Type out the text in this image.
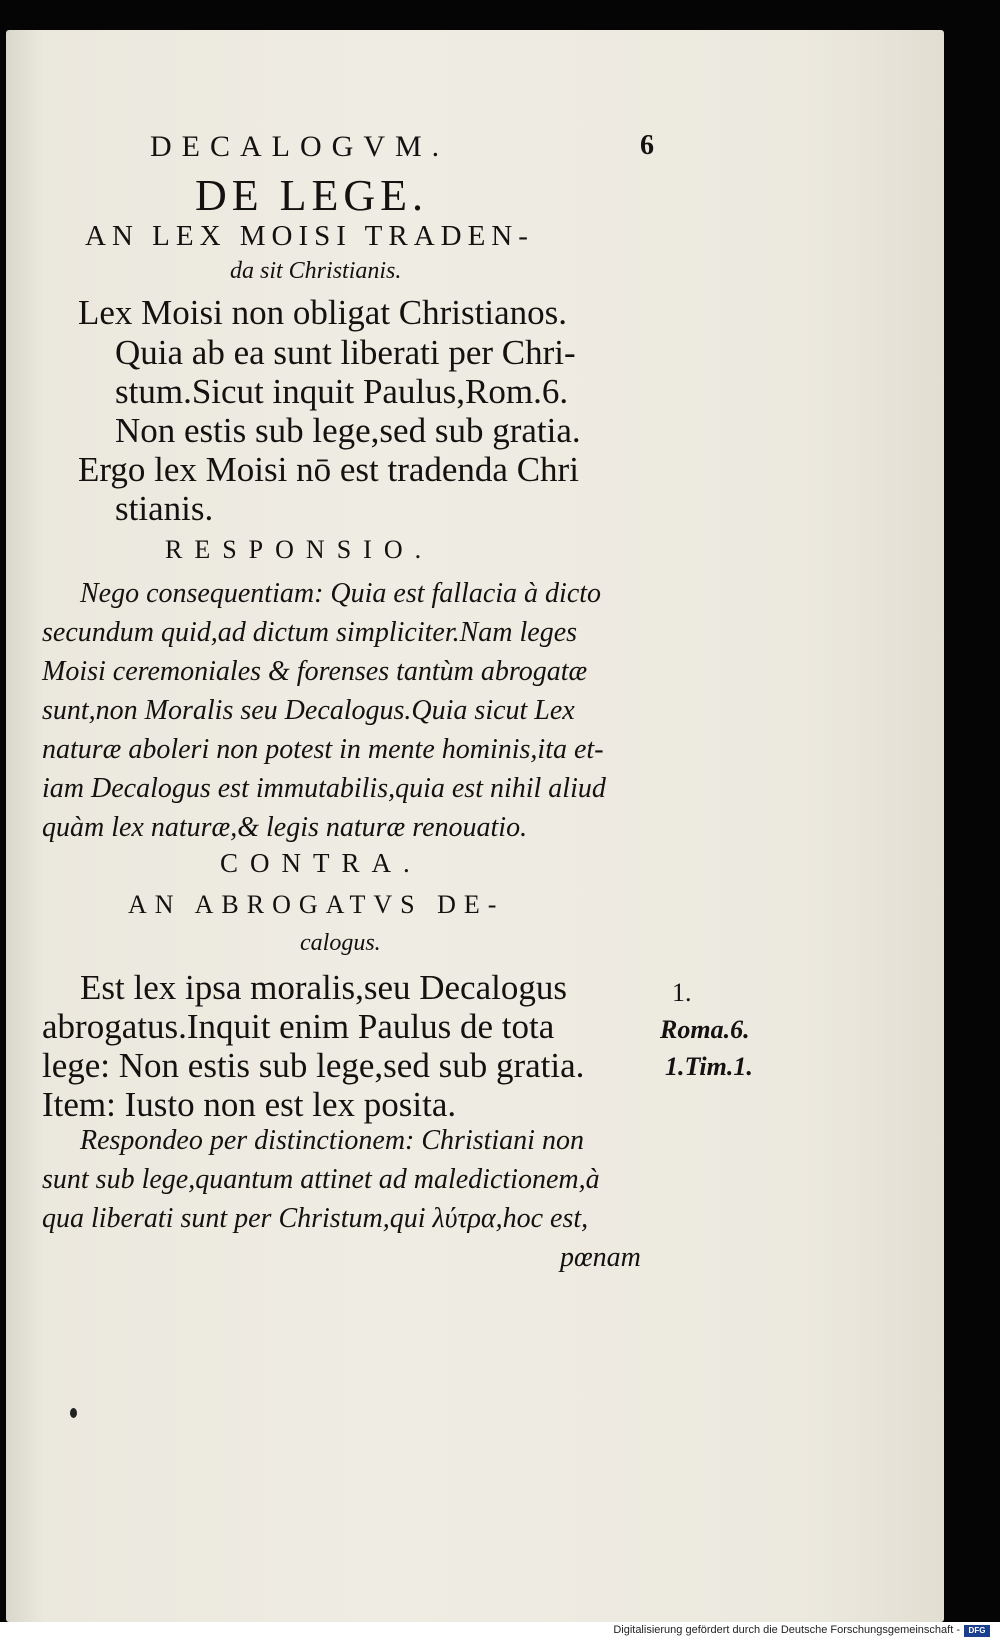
DECALOGVM.	6
DE LEGE.
AN LEX MOISI TRADEN-
da sit Christianis.
Lex Moisi non obligat Christianos.
Quia ab ea sunt liberati per Chri-
stum.Sicut inquit Paulus,Rom.6.
Non estis sub lege,sed sub gratia.
Ergo lex Moisi nō est tradenda Chri
stianis.
RESPONSIO.
Nego consequentiam: Quia est fallacia à dicto
secundum quid,ad dictum simpliciter.Nam leges
Moisi ceremoniales & forenses tantùm abrogatæ
sunt,non Moralis seu Decalogus.Quia sicut Lex
naturæ aboleri non potest in mente hominis,ita et-
iam Decalogus est immutabilis,quia est nihil aliud
quàm lex naturæ,& legis naturæ renouatio.
CONTRA.
AN ABROGATVS DE-
calogus.
Est lex ipsa moralis,seu Decalogus
abrogatus.Inquit enim Paulus de tota
lege: Non estis sub lege,sed sub gratia.
Item: Iusto non est lex posita.
Respondeo per distinctionem: Christiani non
sunt sub lege,quantum attinet ad maledictionem,à
qua liberati sunt per Christum,qui λύτρα,hoc est,
pœnam
1.
Roma.6.
1.Tim.1.
Digitalisierung gefördert durch die Deutsche Forschungsgemeinschaft -	DFG
